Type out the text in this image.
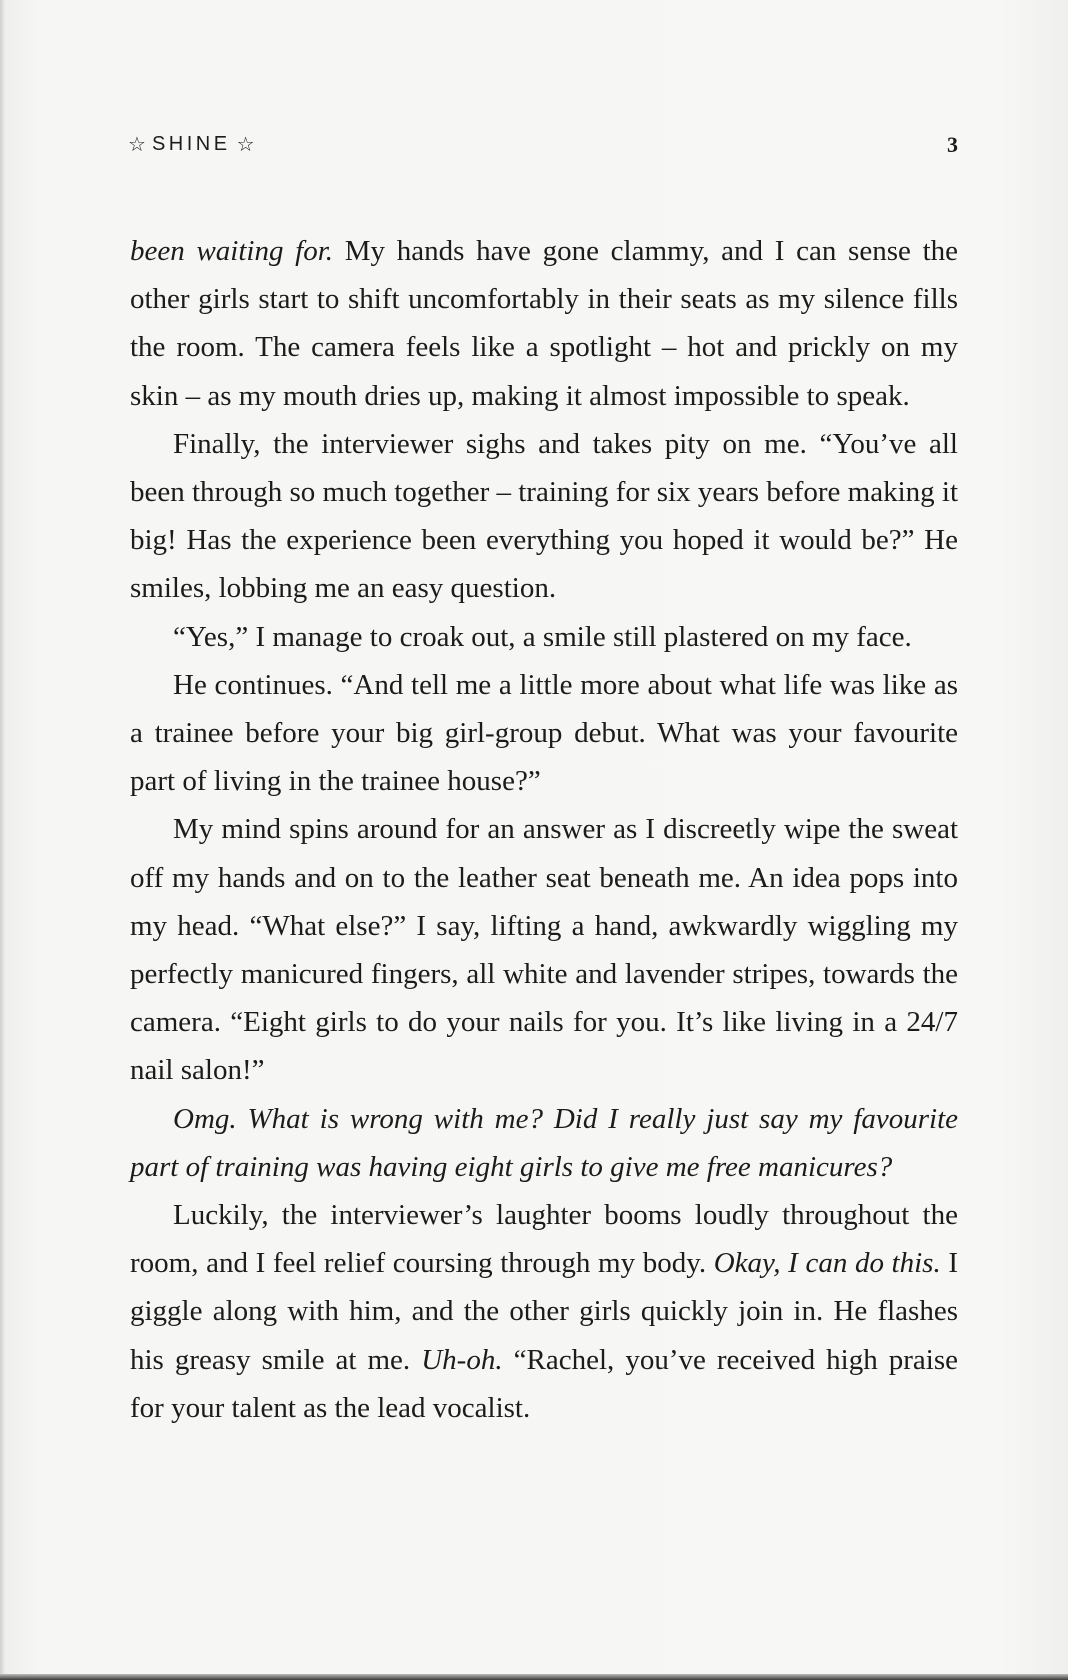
☆ SHINE ☆	3

been waiting for. My hands have gone clammy, and I can sense the other girls start to shift uncomfortably in their seats as my silence fills the room. The camera feels like a spotlight – hot and prickly on my skin – as my mouth dries up, making it almost impossible to speak.

Finally, the interviewer sighs and takes pity on me. “You’ve all been through so much together – training for six years before making it big! Has the experience been everything you hoped it would be?” He smiles, lobbing me an easy question.

“Yes,” I manage to croak out, a smile still plastered on my face.

He continues. “And tell me a little more about what life was like as a trainee before your big girl-group debut. What was your favourite part of living in the trainee house?”

My mind spins around for an answer as I discreetly wipe the sweat off my hands and on to the leather seat beneath me. An idea pops into my head. “What else?” I say, lifting a hand, awkwardly wiggling my perfectly manicured fingers, all white and lavender stripes, towards the camera. “Eight girls to do your nails for you. It’s like living in a 24/7 nail salon!”

Omg. What is wrong with me? Did I really just say my favourite part of training was having eight girls to give me free manicures?

Luckily, the interviewer’s laughter booms loudly throughout the room, and I feel relief coursing through my body. Okay, I can do this. I giggle along with him, and the other girls quickly join in. He flashes his greasy smile at me. Uh-oh. “Rachel, you’ve received high praise for your talent as the lead vocalist.
